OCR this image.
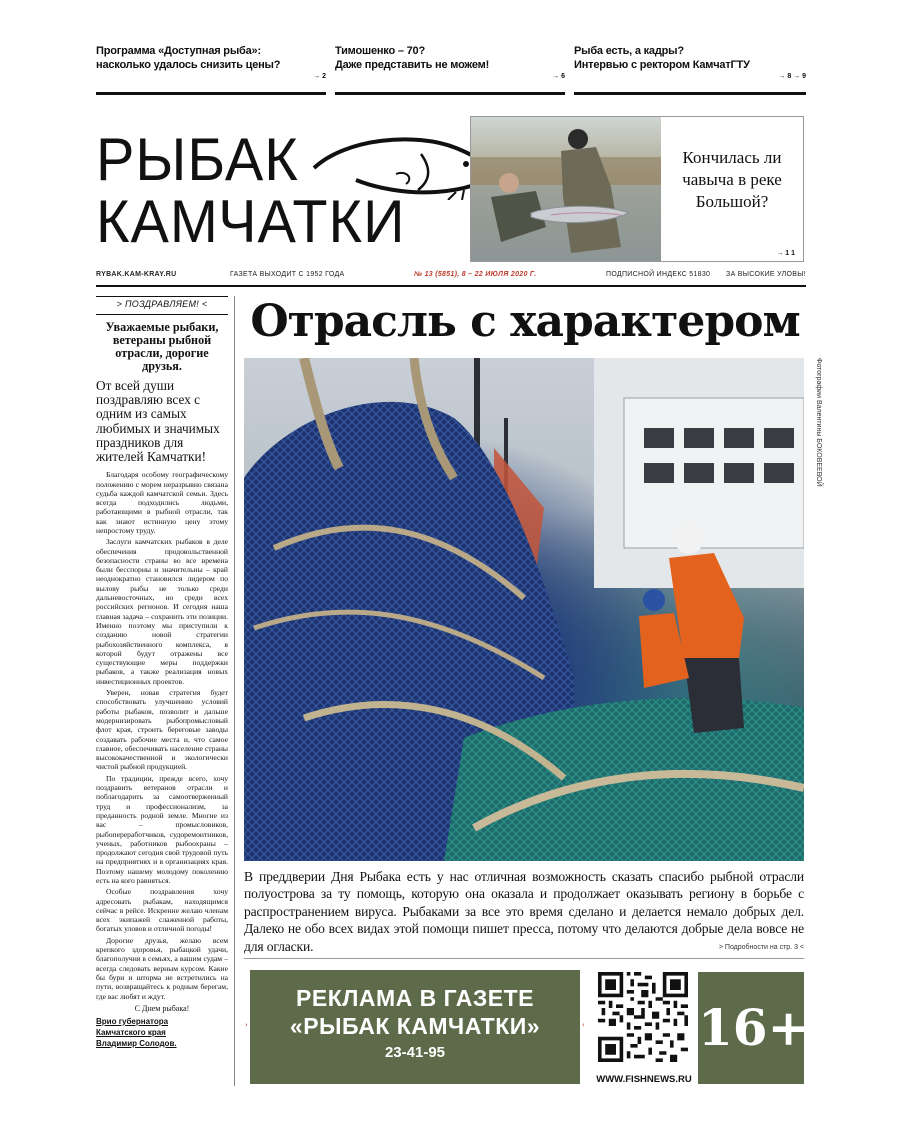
Программа «Доступная рыба»:
насколько удалось снизить цены?
→ 2
Тимошенко – 70?
Даже представить не можем!
→ 6
Рыба есть, а кадры?
Интервью с ректором КамчатГТУ
→ 8 → 9
РЫБАК
КАМЧАТКИ
Кончилась ли
чавыча в реке
Большой?
→ 1 1
RYBAK.KAM-KRAY.RU	ГАЗЕТА ВЫХОДИТ С 1952 ГОДА	№ 13 (5851), 8 – 22 ИЮЛЯ 2020 Г.	ПОДПИСНОЙ ИНДЕКС 51830 ЗА ВЫСОКИЕ УЛОВЫ!
> ПОЗДРАВЛЯЕМ! <
Уважаемые рыбаки, ветераны рыбной отрасли, дорогие друзья.
От всей души поздравляю всех с одним из самых любимых и значимых праздников для жителей Камчатки!

Благодаря особому географическому положению с морем неразрывно связана судьба каждой камчатской семьи. Здесь всегда подходились людьми, работающими в рыбной отрасли, так как знают истинную цену этому непростому труду.

Заслуги камчатских рыбаков в деле обеспечения продовольственной безопасности страны во все времена были бесспорны и значительны – край неоднократно становился лидером по вылову рыбы не только среди дальневосточных, но среди всех российских регионов. И сегодня наша главная задача – сохранить эти позиции. Именно поэтому мы приступили к созданию новой стратегии рыбохозяйственного комплекса, в которой будут отражены все существующие меры поддержки рыбаков, а также реализация новых инвестиционных проектов.

Уверен, новая стратегия будет способствовать улучшению условий работы рыбаков, позволит и дальше модернизировать рыбопромысловый флот края, строить береговые заводы создавать рабочие места и, что самое главное, обеспечивать население страны высококачественной и экологически чистой рыбной продукцией.

По традиции, прежде всего, хочу поздравить ветеранов отрасли и поблагодарить за самоотверженный труд и профессионализм, за преданность родной земле. Многие из вас – промысловиков, рыбопереработчиков, судоремонтников, ученых, работников рыбоохраны – продолжают сегодня свой трудовой путь на предприятиях и в организациях края. Поэтому нашему молодому поколению есть на кого равняться.

Особые поздравления хочу адресовать рыбакам, находящимся сейчас в рейсе. Искренне желаю членам всех экипажей слаженной работы, богатых уловов и отличной погоды!

Дорогие друзья, желаю всем крепкого здоровья, рыбацкой удачи, благополучия в семьях, а вашим судам – всегда следовать верным курсом. Какие бы бури и шторма не встретились на пути, возвращайтесь к родным берегам, где вас любят и ждут.

С Днем рыбака!
Врио губернатора
Камчатского края
Владимир Солодов.
Отрасль с характером
Фотографии Валентины БОКОВЕЕВОЙ
В преддверии Дня Рыбака есть у нас отличная возможность сказать спасибо рыбной отрасли полуострова за ту помощь, которую она оказала и продолжает оказывать региону в борьбе с распространением вируса. Рыбаками за все это время сделано и делается немало добрых дел. Далеко не обо всех видах этой помощи пишет пресса, потому что делаются добрые дела вовсе не для огласки.	> Подробности на стр. 3 <
РЕКЛАМА В ГАЗЕТЕ
«РЫБАК КАМЧАТКИ»
23-41-95
›	‹
WWW.FISHNEWS.RU
16+
